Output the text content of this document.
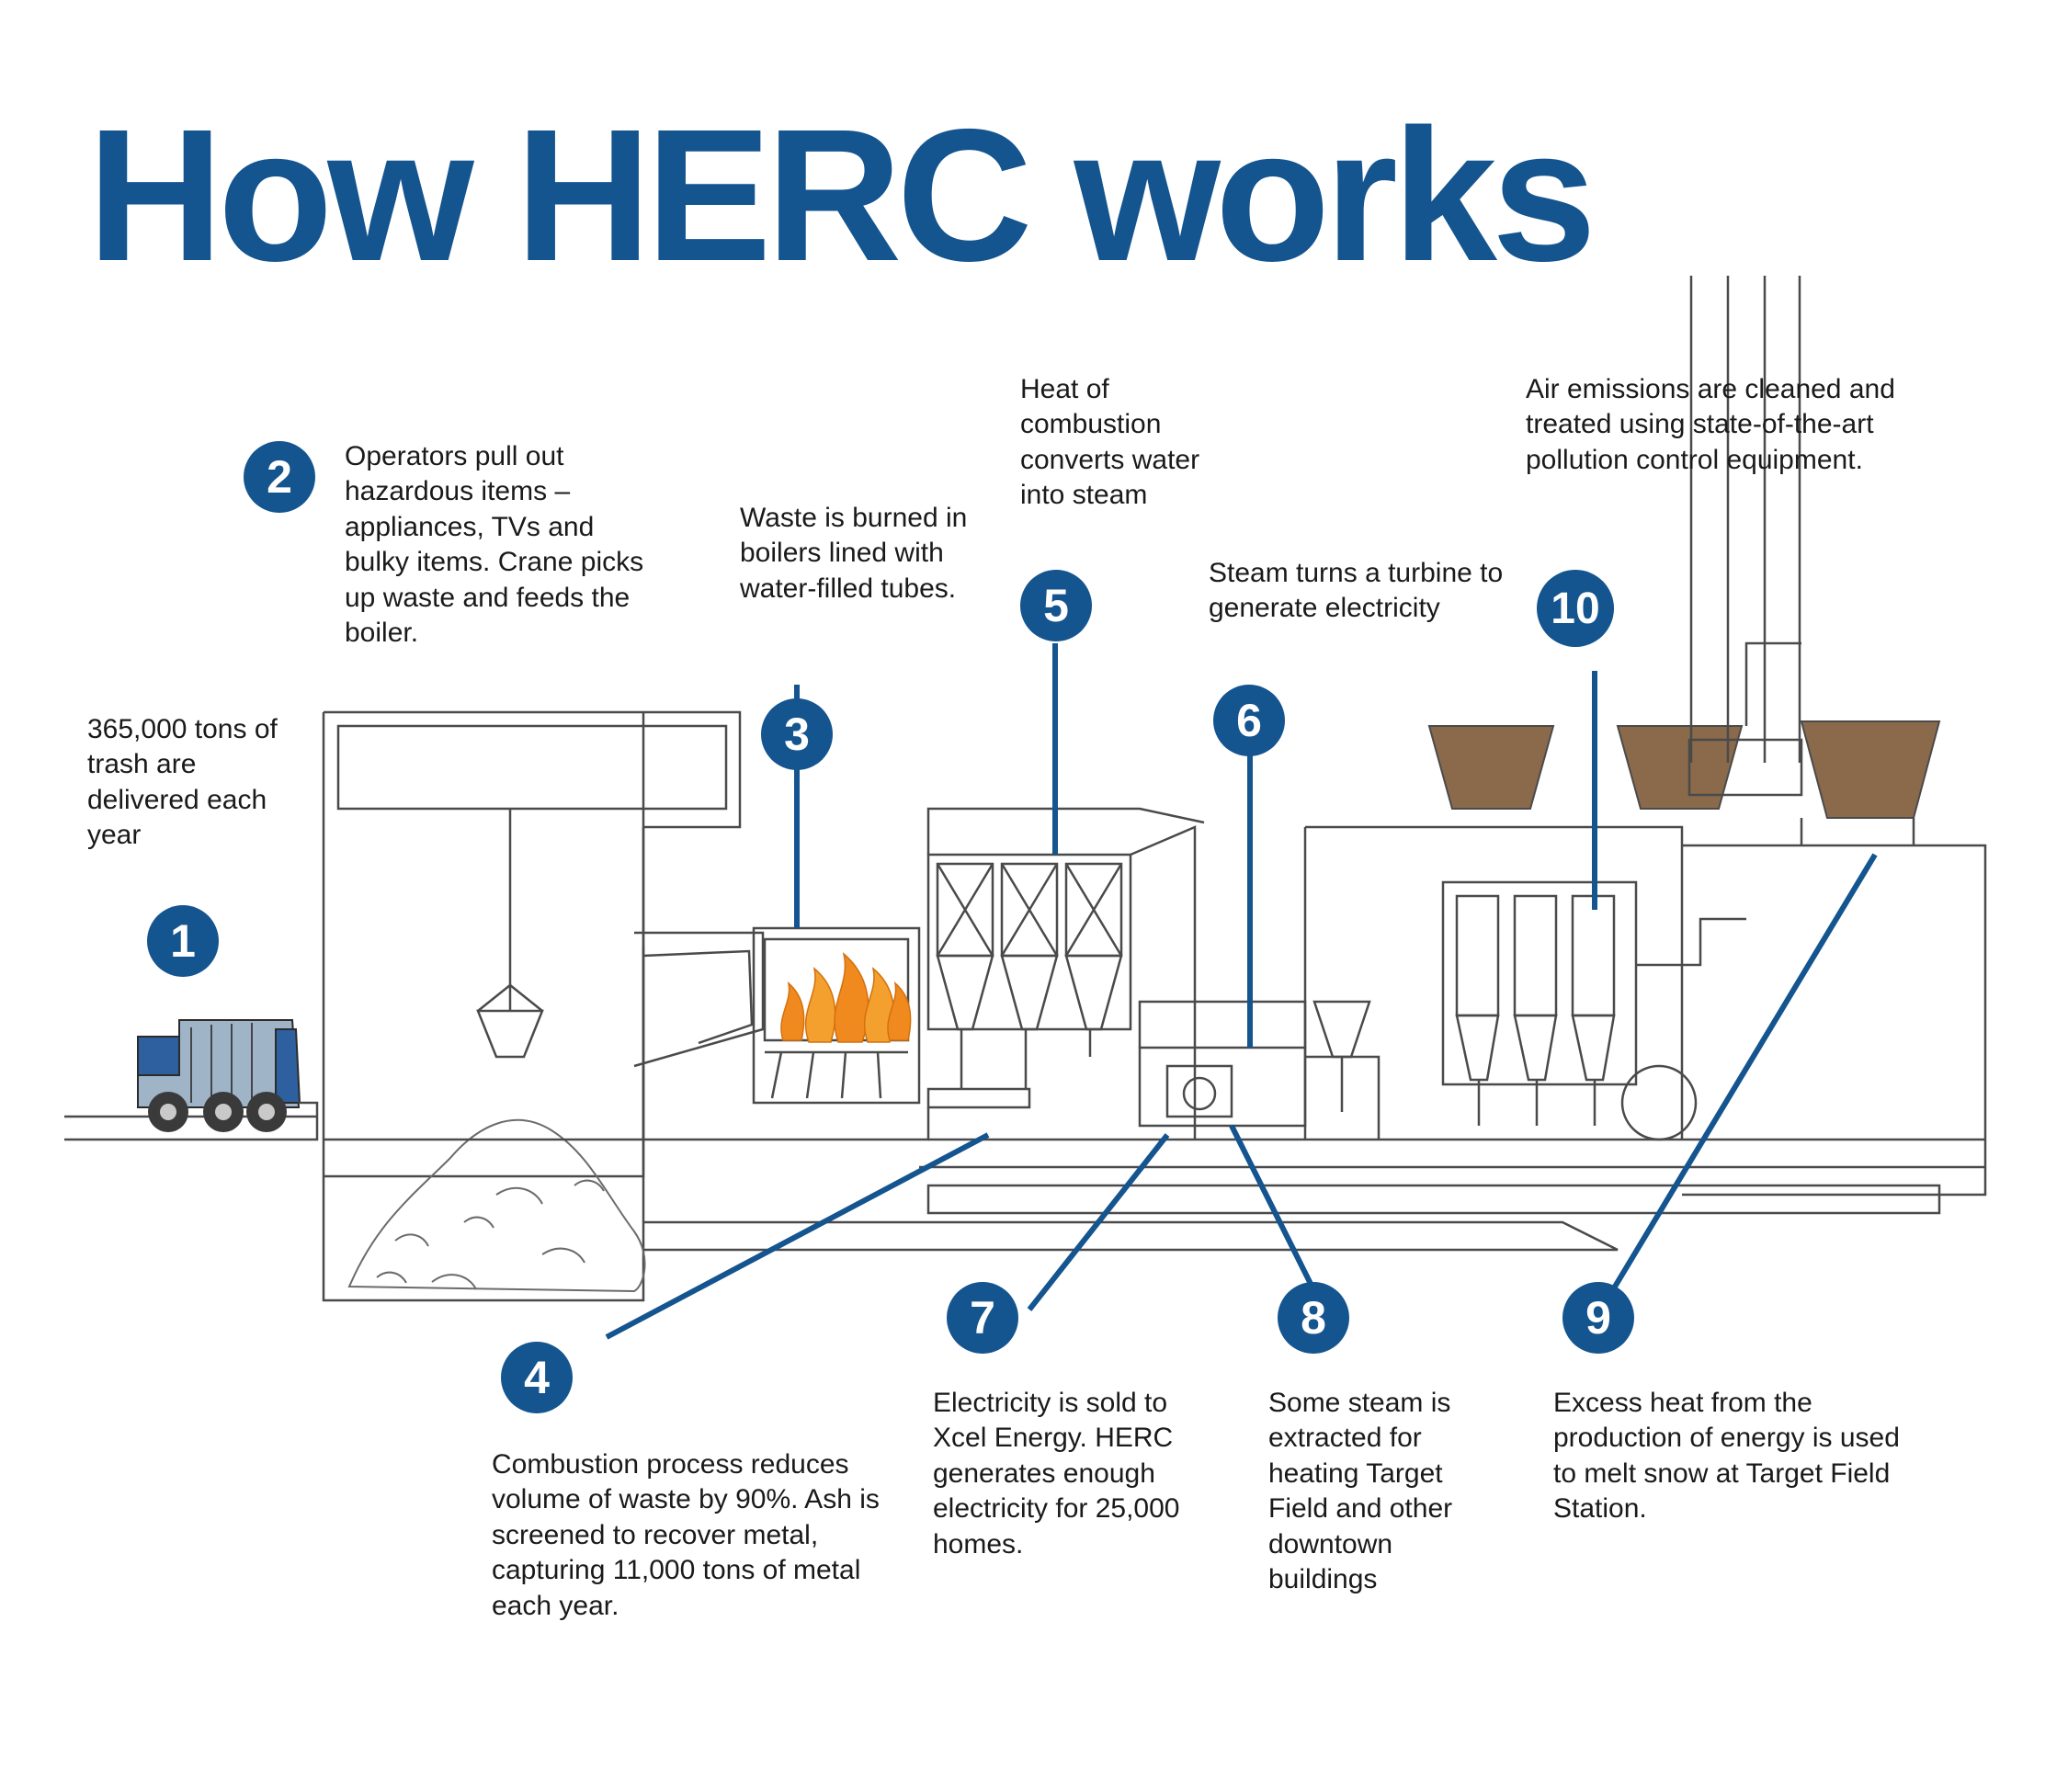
How HERC works
365,000 tons of trash are delivered each year
1
2	Operators pull out hazardous items – appliances, TVs and bulky items. Crane picks up waste and feeds the boiler.
Waste is burned in boilers lined with water-filled tubes.
3
4
Combustion process reduces volume of waste by 90%. Ash is screened to recover metal, capturing 11,000 tons of metal each year.
Heat of combustion converts water into steam
5
Steam turns a turbine to generate electricity
6
7
Electricity is sold to Xcel Energy. HERC generates enough electricity for 25,000 homes.
8
Some steam is extracted for heating Target Field and other downtown buildings
9
Excess heat from the production of energy is used to melt snow at Target Field Station.
Air emissions are cleaned and treated using state-of-the-art pollution control equipment.
10
